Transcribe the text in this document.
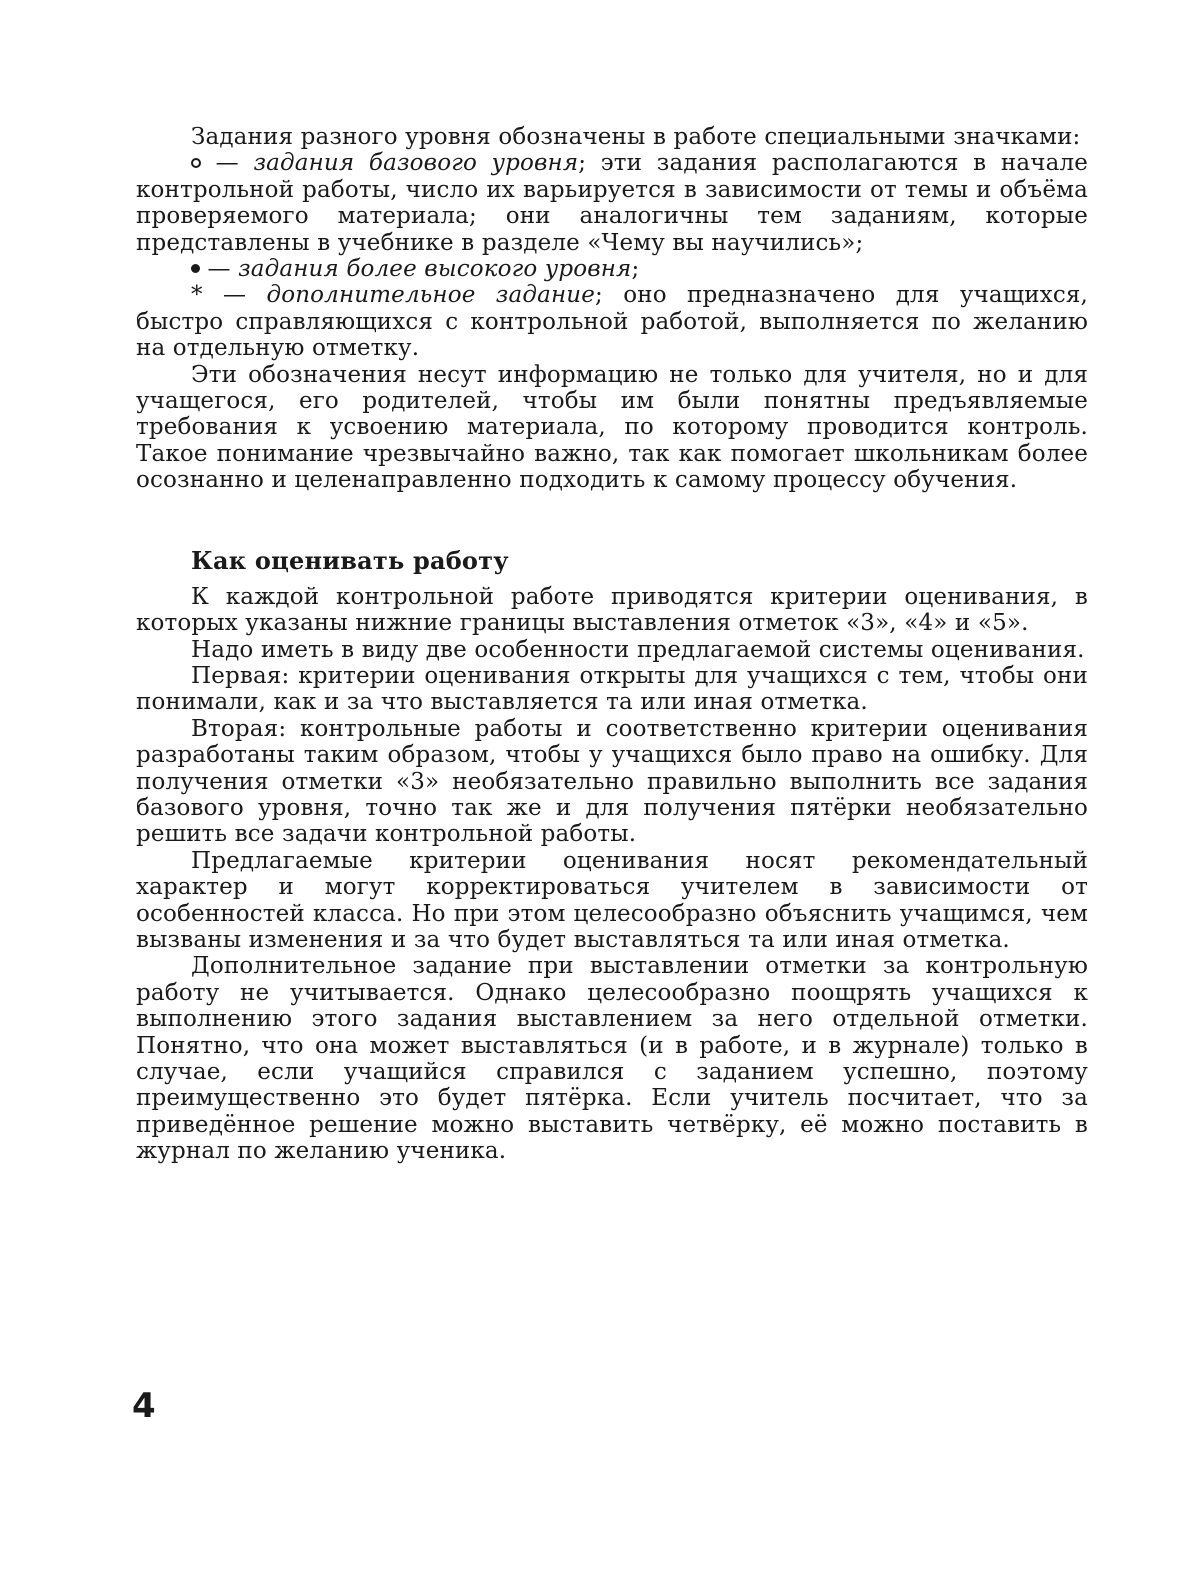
Задания разного уровня обозначены в работе специальными значками:

— задания базового уровня; эти задания располагаются в начале контрольной работы, число их варьируется в зависимости от темы и объёма проверяемого материала; они аналогичны тем заданиям, которые представлены в учебнике в разделе «Чему вы научились»;

— задания более высокого уровня;

* — дополнительное задание; оно предназначено для учащихся, быстро справляющихся с контрольной работой, выполняется по желанию на отдельную отметку.

Эти обозначения несут информацию не только для учителя, но и для учащегося, его родителей, чтобы им были понятны предъявляемые требования к усвоению материала, по которому проводится контроль. Такое понимание чрезвычайно важно, так как помогает школьникам более осознанно и целенаправленно подходить к самому процессу обучения.

Как оценивать работу

К каждой контрольной работе приводятся критерии оценивания, в которых указаны нижние границы выставления отметок «3», «4» и «5».

Надо иметь в виду две особенности предлагаемой системы оценивания.

Первая: критерии оценивания открыты для учащихся с тем, чтобы они понимали, как и за что выставляется та или иная отметка.

Вторая: контрольные работы и соответственно критерии оценивания разработаны таким образом, чтобы у учащихся было право на ошибку. Для получения отметки «3» необязательно правильно выполнить все задания базового уровня, точно так же и для получения пятёрки необязательно решить все задачи контрольной работы.

Предлагаемые критерии оценивания носят рекомендательный характер и могут корректироваться учителем в зависимости от особенностей класса. Но при этом целесообразно объяснить учащимся, чем вызваны изменения и за что будет выставляться та или иная отметка.

Дополнительное задание при выставлении отметки за контрольную работу не учитывается. Однако целесообразно поощрять учащихся к выполнению этого задания выставлением за него отдельной отметки. Понятно, что она может выставляться (и в работе, и в журнале) только в случае, если учащийся справился с заданием успешно, поэтому преимущественно это будет пятёрка. Если учитель посчитает, что за приведённое решение можно выставить четвёрку, её можно поставить в журнал по желанию ученика.

4
